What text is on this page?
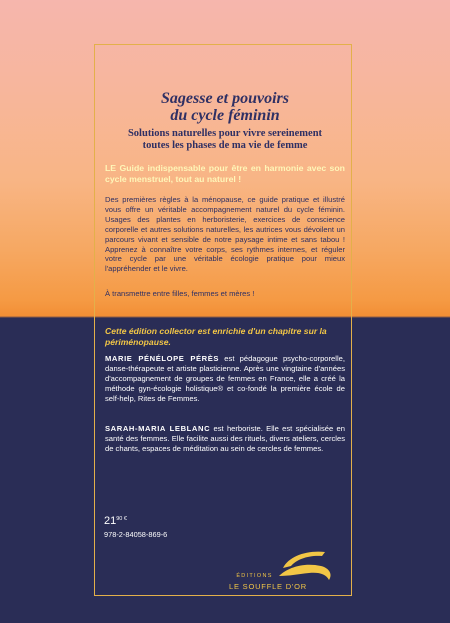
Sagesse et pouvoirs
du cycle féminin
Solutions naturelles pour vivre sereinement
toutes les phases de ma vie de femme

LE Guide indispensable pour être en harmonie avec son cycle menstruel, tout au naturel !

Des premières règles à la ménopause, ce guide pratique et illustré vous offre un véritable accompagnement naturel du cycle féminin. Usages des plantes en herboristerie, exercices de conscience corporelle et autres solutions naturelles, les autrices vous dévoilent un parcours vivant et sensible de notre paysage intime et sans tabou ! Apprenez à connaître votre corps, ses rythmes internes, et réguler votre cycle par une véritable écologie pratique pour mieux l'appréhender et le vivre.

À transmettre entre filles, femmes et mères !

Cette édition collector est enrichie d'un chapitre sur la périménopause.

MARIE PÉNÉLOPE PÉRÈS est pédagogue psycho-corporelle, danse-thérapeute et artiste plasticienne. Après une vingtaine d'années d'accompagnement de groupes de femmes en France, elle a créé la méthode gyn-écologie holistique® et co-fondé la première école de self-help, Rites de Femmes.

SARAH-MARIA LEBLANC est herboriste. Elle est spécialisée en santé des femmes. Elle facilite aussi des rituels, divers ateliers, cercles de chants, espaces de méditation au sein de cercles de femmes.

$21^{90 €}$

978-2-84058-869-6

ÉDITIONS

LE SOUFFLE D'OR
